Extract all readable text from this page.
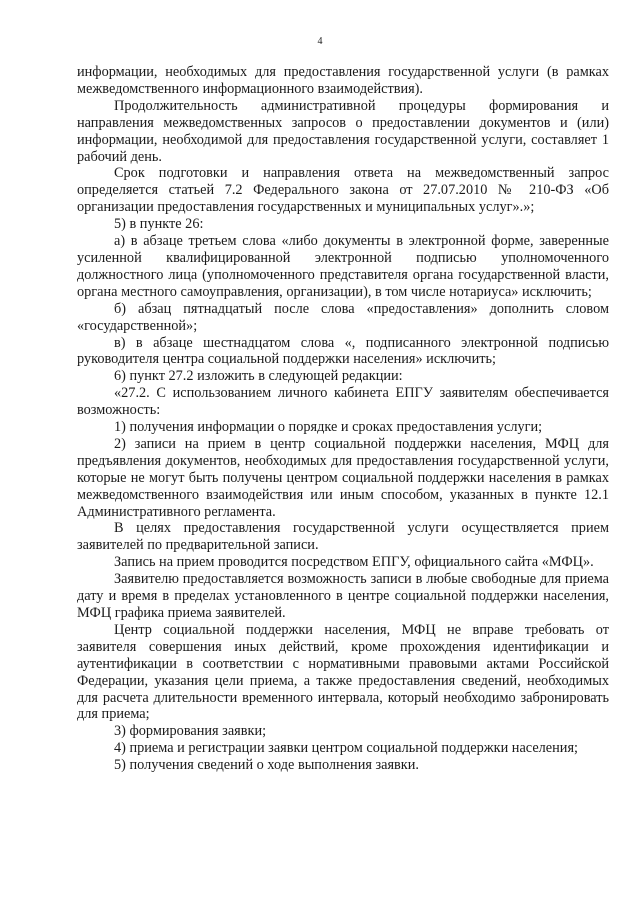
4

информации, необходимых для предоставления государственной услуги (в рамках межведомственного информационного взаимодействия).

Продолжительность административной процедуры формирования и направления межведомственных запросов о предоставлении документов и (или) информации, необходимой для предоставления государственной услуги, составляет 1 рабочий день.

Срок подготовки и направления ответа на межведомственный запрос определяется статьей 7.2 Федерального закона от 27.07.2010 № 210-ФЗ «Об организации предоставления государственных и муниципальных услуг».»;

5) в пункте 26:

а) в абзаце третьем слова «либо документы в электронной форме, заверенные усиленной квалифицированной электронной подписью уполномоченного должностного лица (уполномоченного представителя органа государственной власти, органа местного самоуправления, организации), в том числе нотариуса» исключить;

б) абзац пятнадцатый после слова «предоставления» дополнить словом «государственной»;

в) в абзаце шестнадцатом слова «, подписанного электронной подписью руководителя центра социальной поддержки населения» исключить;

6) пункт 27.2 изложить в следующей редакции:

«27.2. С использованием личного кабинета ЕПГУ заявителям обеспечивается возможность:

1) получения информации о порядке и сроках предоставления услуги;

2) записи на прием в центр социальной поддержки населения, МФЦ для предъявления документов, необходимых для предоставления государственной услуги, которые не могут быть получены центром социальной поддержки населения в рамках межведомственного взаимодействия или иным способом, указанных в пункте 12.1 Административного регламента.

В целях предоставления государственной услуги осуществляется прием заявителей по предварительной записи.

Запись на прием проводится посредством ЕПГУ, официального сайта «МФЦ».

Заявителю предоставляется возможность записи в любые свободные для приема дату и время в пределах установленного в центре социальной поддержки населения, МФЦ графика приема заявителей.

Центр социальной поддержки населения, МФЦ не вправе требовать от заявителя совершения иных действий, кроме прохождения идентификации и аутентификации в соответствии с нормативными правовыми актами Российской Федерации, указания цели приема, а также предоставления сведений, необходимых для расчета длительности временного интервала, который необходимо забронировать для приема;

3) формирования заявки;

4) приема и регистрации заявки центром социальной поддержки населения;

5) получения сведений о ходе выполнения заявки.
